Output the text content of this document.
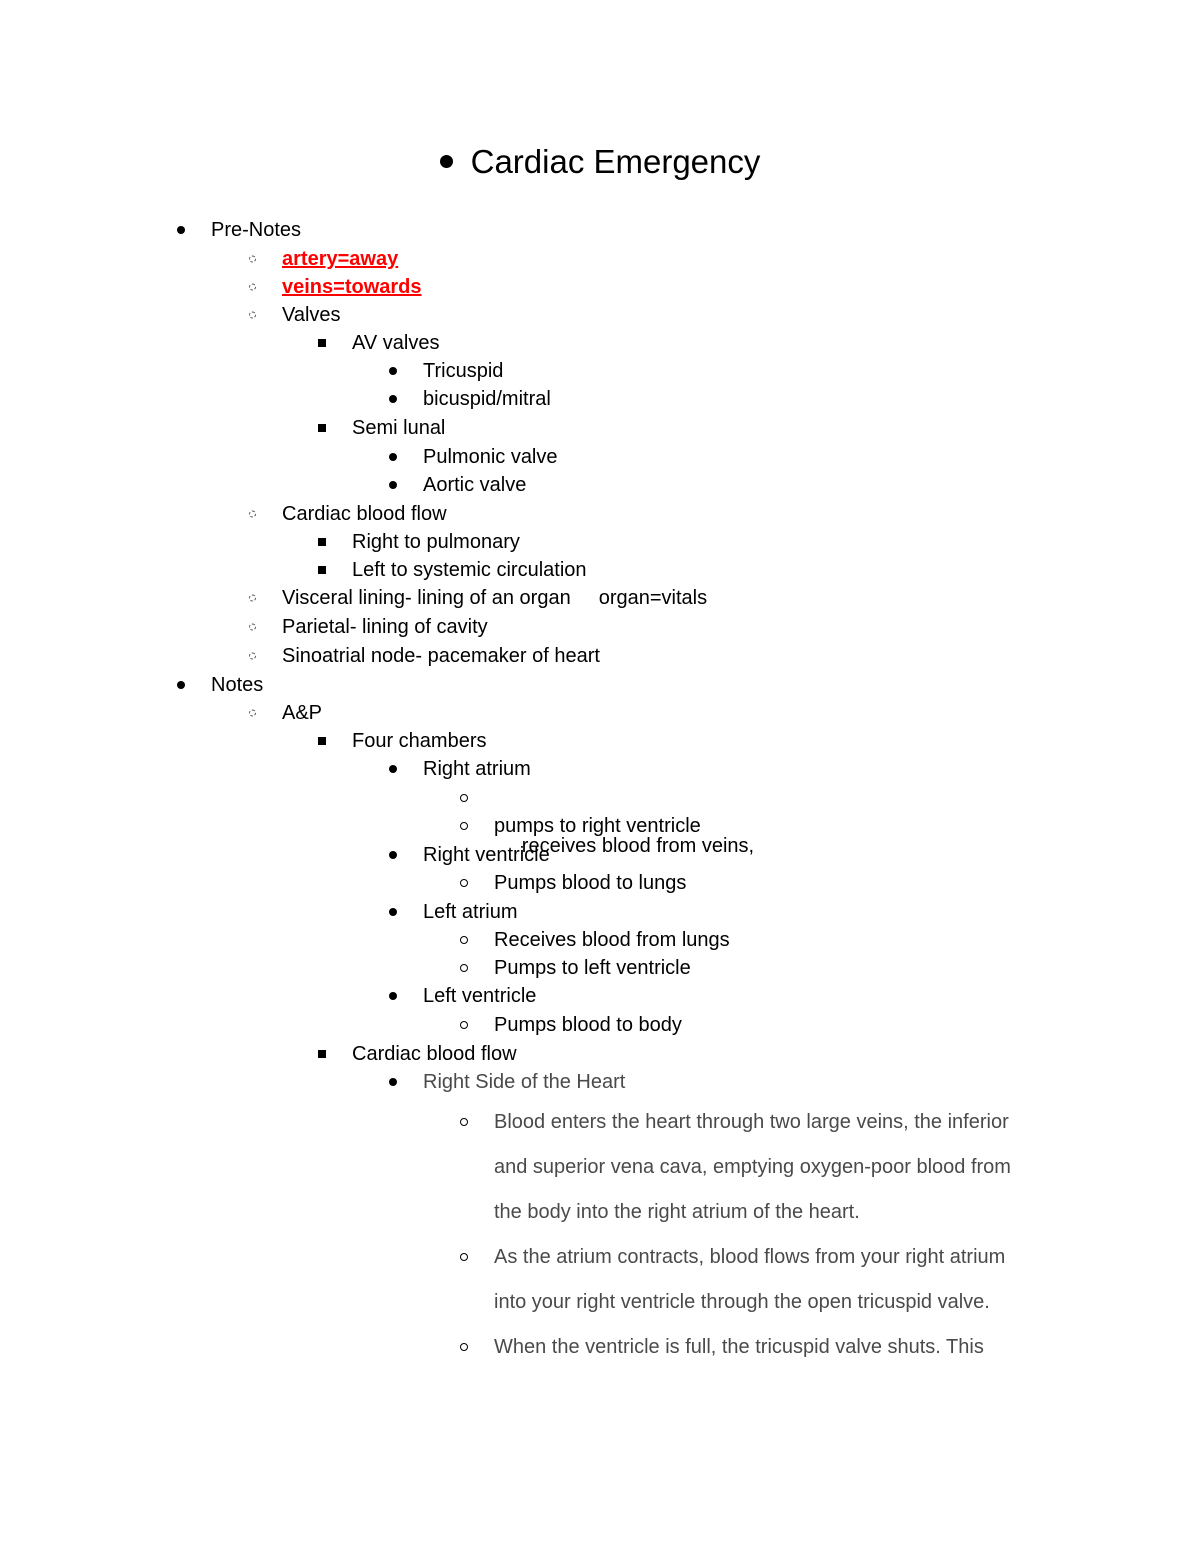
Cardiac Emergency
Pre-Notes
artery=away
veins=towards
Valves
AV valves
Tricuspid
bicuspid/mitral
Semi lunal
Pulmonic valve
Aortic valve
Cardiac blood flow
Right to pulmonary
Left to systemic circulation
Visceral lining- lining of an organ organ=vitals
Parietal- lining of cavity
Sinoatrial node- pacemaker of heart
Notes
A&P
Four chambers
Right atrium

receives blood from veins,

pumps to right ventricle
Right ventricle
Pumps blood to lungs
Left atrium
Receives blood from lungs
Pumps to left ventricle
Left ventricle
Pumps blood to body
Cardiac blood flow
Right Side of the Heart
Blood enters the heart through two large veins, the inferior
and superior vena cava, emptying oxygen-poor blood from
the body into the right atrium of the heart.
As the atrium contracts, blood flows from your right atrium
into your right ventricle through the open tricuspid valve.
When the ventricle is full, the tricuspid valve shuts. This
